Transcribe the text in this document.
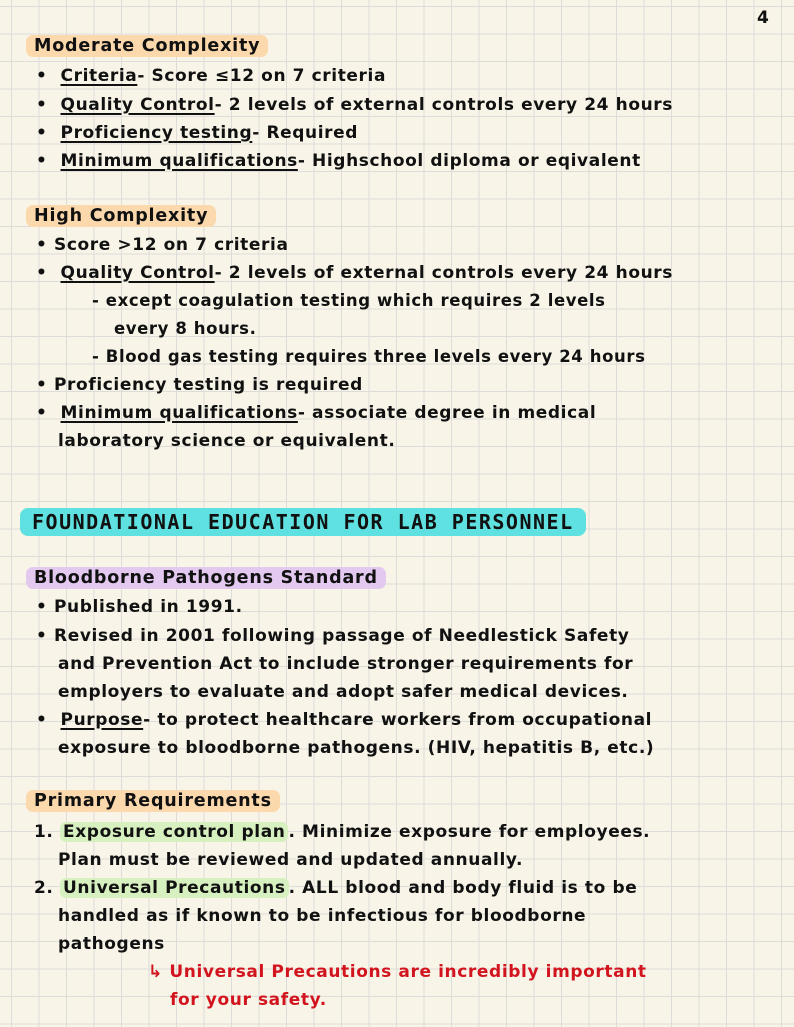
4
Moderate Complexity
• Criteria- Score ≤12 on 7 criteria
• Quality Control- 2 levels of external controls every 24 hours
• Proficiency testing- Required
• Minimum qualifications- Highschool diploma or eqivalent
High Complexity
• Score >12 on 7 criteria
• Quality Control- 2 levels of external controls every 24 hours
- except coagulation testing which requires 2 levels
every 8 hours.
- Blood gas testing requires three levels every 24 hours
• Proficiency testing is required
• Minimum qualifications- associate degree in medical
laboratory science or equivalent.
FOUNDATIONAL EDUCATION FOR LAB PERSONNEL
Bloodborne Pathogens Standard
• Published in 1991.
• Revised in 2001 following passage of Needlestick Safety
and Prevention Act to include stronger requirements for
employers to evaluate and adopt safer medical devices.
• Purpose- to protect healthcare workers from occupational
exposure to bloodborne pathogens. (HIV, hepatitis B, etc.)
Primary Requirements
1. Exposure control plan . Minimize exposure for employees.
Plan must be reviewed and updated annually.
2. Universal Precautions . ALL blood and body fluid is to be
handled as if known to be infectious for bloodborne
pathogens
↳ Universal Precautions are incredibly important
for your safety.
